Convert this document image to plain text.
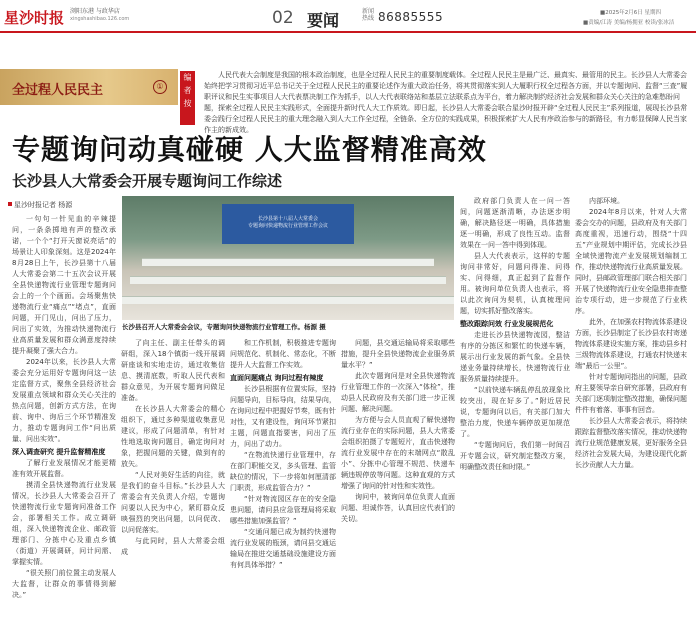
星沙时报 浏阳东港 与政华店
xingshashibao.126.com	02 要闻	新闻热线 86885555	■2025年2月6日 星期四
■责编/江涛 美编/杨拥亚 校读/张冰洁
全过程人民民主	①
编者按
人民代表大会制度是我国的根本政治制度，也是全过程人民民主的重要制度载体。全过程人民民主是最广泛、最真实、最管用的民主。长沙县人大常委会始终把学习贯彻习近平总书记关于全过程人民民主的重要论述作为重大政治任务，将其贯彻落实到人大履职行权全过程各方面，并以专题询问、监督“三查”履职评议和民生实事项目人大代表票决制工作为抓手，以人大代表联络站和基层立法联系点为平台，着力解决制约经济社会发展和群众关心关注的急难愁盼问题，探索全过程人民民主实践形式，全面提升新时代人大工作质效。即日起，长沙县人大常委会联合星沙时报开辟“全过程人民民主”系列报道，展现长沙县常委会践行全过程人民民主的重大理念融入到人大工作全过程，全链条、全方位的实践成果，积极探索扩大人民有序政治参与的新路径，有力彰显保障人民当家作主的新成效。
专题询问动真碰硬 人大监督精准高效
长沙县人大常委会开展专题询问工作综述
星沙时报记者 杨源
长沙县第十八届人大常委会
专题询问快递物流行业管理工作会议
长沙县召开人大常委会会议，专题询问快递物流行业管理工作。杨源 摄

一句句一针见血的辛辣提问，一条条掷地有声的整改承诺，一个个“打开天窗说亮话”的场景让人印象深刻。这是2024年8月28日上午，长沙县第十八届人大常委会第二十五次会议开展全县快递物流行业管理专题询问会上的一个个画面。会场聚焦快递物流行业“痛点”“堵点”，直面问题，开门见山，问出了压力，问出了实效，为推动快递物流行业高质量发展和群众满意度持续提升凝聚了强大合力。

2024年以来，长沙县人大常委会充分运用好专题询问这一法定监督方式，聚焦全县经济社会发展重点领域和群众关心关注的热点问题，创新方式方法，在询前、询中、询后三个环节精准发力，推动专题询问工作“问出质量、问出实效”。

深入调查研究 提升监督精准度

了解行业发展情况才能更精准有效开展监督。

摸清全县快递物流行业发展情况，长沙县人大常委会召开了快递物流行业专题询问准备工作会，部署相关工作。成立调研组，深入快递物流企业、邮政管理部门、分拣中心及重点乡镇（街道）开展调研，问计问需、掌握实情。

“很关照门前位置主动发展人大监督，让群众的事情得到解决。”

了向主任、副主任带头的调研组，深入18个镇街一线开展调研座谈和实地走访，通过收集信息、摸清底数，听取人民代表和群众意见，为开展专题询问做足准备。

在长沙县人大常委会的精心组织下，通过多种渠道收集意见建议，形成了问题清单，有针对性地选取询问题目，确定询问对象，把握问题的关键，做到有的放矢。

“人民对美好生活的向往，就是我们的奋斗目标。”长沙县人大常委会有关负责人介绍，专题询问要以人民为中心，紧盯群众反映强烈的突出问题，以问促改、以问促落实。

与此同时，县人大常委会组成

和工作机制，积极推进专题询问规范化、机制化、常态化，不断提升人大监督工作实效。

直面问题痛点 询问过程有辣度

长沙县根据有位置实际，坚持问题导向，目标导向，结果导向，在询问过程中把握好节奏，既有针对性，又有建设性，询问环节紧扣主题，问题直指要害，问出了压力，问出了动力。

“在物流快递行业管理中，存在部门职能交叉，多头管理、监管缺位的情况，下一步将如何厘清部门职责，形成监管合力？”

“针对物流园区存在的安全隐患问题，请问县应急管理局将采取哪些措施加强监管？”

“交通问题已成为制约快递物流行业发展的瓶颈，请问县交通运输局在推进交通基础设施建设方面有何具体举措？”

问题，县交通运输局将采取哪些措施，提升全县快递物流企业服务质量水平？”

此次专题询问是对全县快递物流行业管理工作的一次深入“体检”，推动县人民政府及有关部门进一步正视问题、解决问题。

为方便与会人员直观了解快递物流行业存在的实际问题，县人大常委会组织拍摄了专题短片，直击快递物流行业发展中存在的末端网点“散乱小”、分拣中心管理不规范、快递车辆违规停放等问题。这种直观的方式增强了询问的针对性和实效性。

询问中，被询问单位负责人直面问题、坦诚作答，认真回应代表们的关切。

政府部门负责人在一问一答间，问题逐渐清晰，办法逐步明确，解决路径逐一明确，具体措施逐一明确，形成了良性互动。监督效果在一问一答中得到体现。

县人大代表表示，这样的专题询问非常好，问题问得准、问得实、问得细，真正起到了监督作用。被询问单位负责人也表示，将以此次询问为契机，认真梳理问题，切实抓好整改落实。

整改跟踪问效 行业发展规范化

走进长沙县快递物流园，整洁有序的分拣区和繁忙的快递车辆，展示出行业发展的新气象。全县快递业务量持续增长，快递物流行业服务质量持续提升。

“以前快递车辆乱停乱放现象比较突出，现在好多了。”附近居民说，专题询问以后，有关部门加大整治力度，快递车辆停放更加规范了。

“专题询问后，我们第一时间召开专题会议，研究制定整改方案，明确整改责任和时限。”

内部环境。

2024年8月以来，针对人大常委会交办的问题，县政府及有关部门高度重视，迅速行动，围绕“十四五”产业规划中期评估，完成长沙县全域快递物流产业发展规划编制工作，推动快递物流行业高质量发展。同时，县邮政管理部门联合相关部门开展了快递物流行业安全隐患排查整治专项行动，进一步规范了行业秩序。

此外，在加强农村物流体系建设方面，长沙县制定了长沙县农村寄递物流体系建设实施方案，推动县乡村三级物流体系建设，打通农村快递末端“最后一公里”。

针对专题询问指出的问题，县政府主要领导亲自研究部署，县政府有关部门逐项制定整改措施，确保问题件件有着落、事事有回音。

长沙县人大常委会表示，将持续跟踪监督整改落实情况，推动快递物流行业规范健康发展，更好服务全县经济社会发展大局，为建设现代化新长沙贡献人大力量。
